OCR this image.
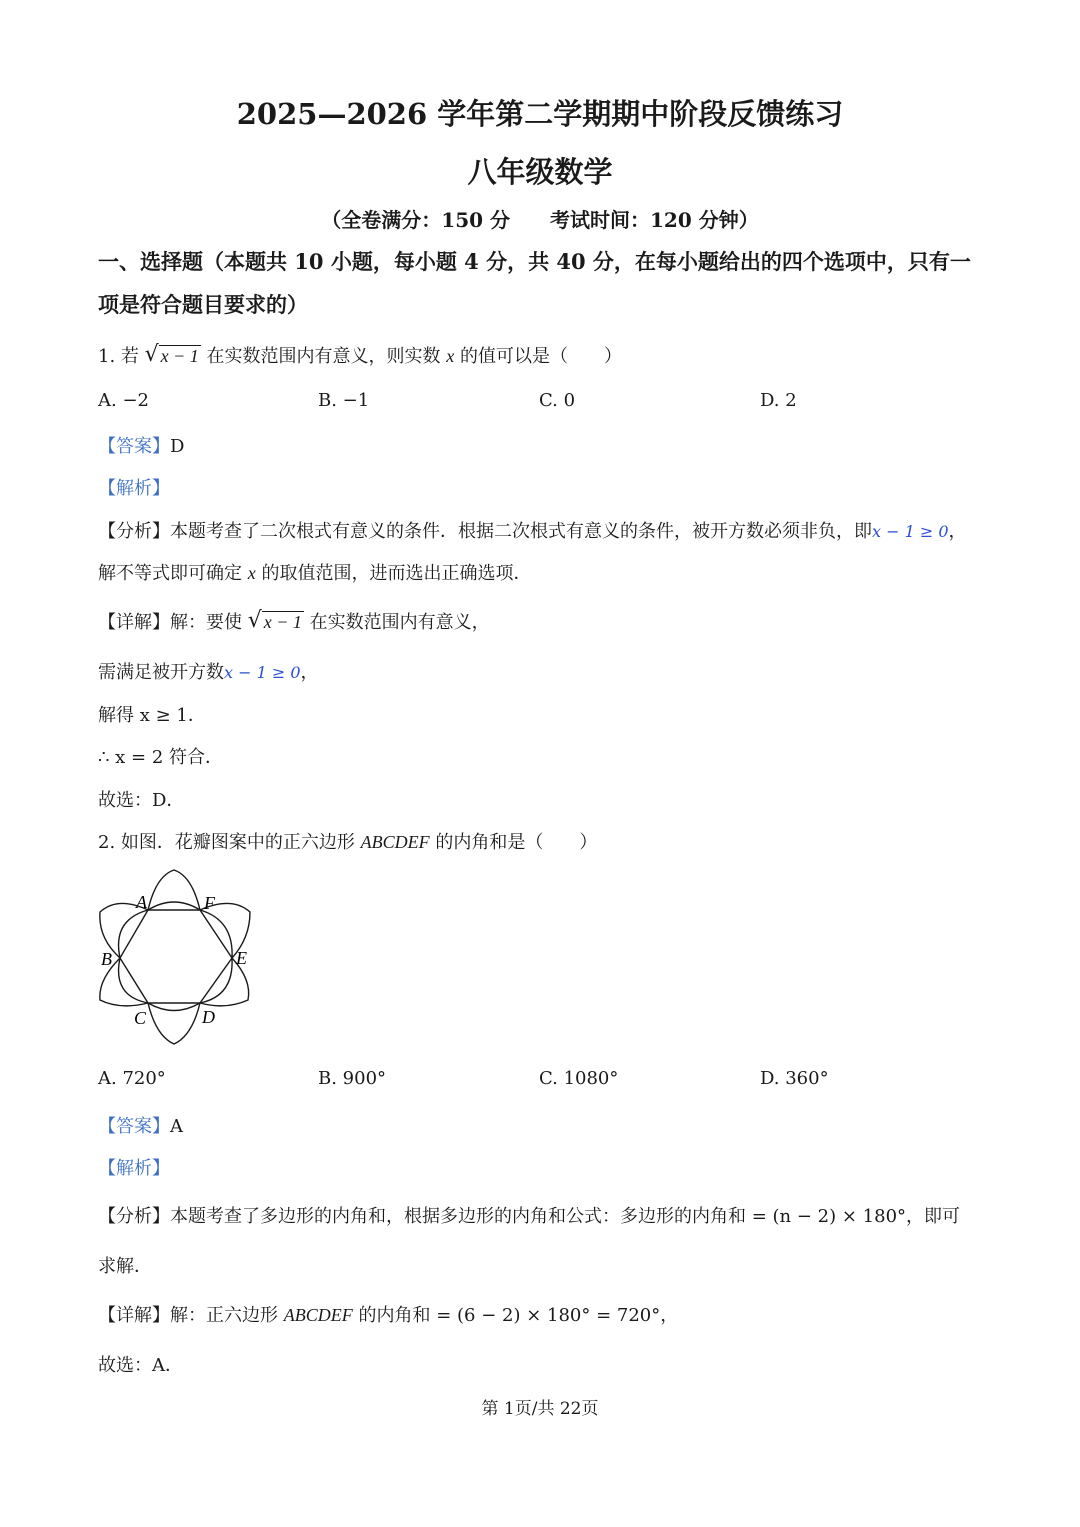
2025—2026 学年第二学期期中阶段反馈练习
八年级数学
（全卷满分：150 分　　考试时间：120 分钟）
一、选择题（本题共 10 小题，每小题 4 分，共 40 分，在每小题给出的四个选项中，只有一
项是符合题目要求的）
1. 若 √ x − 1 在实数范围内有意义，则实数 x 的值可以是（　　）
A. −2	B. −1	C. 0	D. 2
【答案】D
【解析】
【分析】本题考查了二次根式有意义的条件．根据二次根式有意义的条件，被开方数必须非负，即x − 1 ≥ 0，
解不等式即可确定 x 的取值范围，进而选出正确选项．
【详解】解：要使 √ x − 1 在实数范围内有意义，
需满足被开方数x − 1 ≥ 0，
解得 x ≥ 1．
∴ x = 2 符合．
故选：D．
2. 如图．花瓣图案中的正六边形 ABCDEF 的内角和是（　　）
A	F
B	E
C	D
A. 720°	B. 900°	C. 1080°	D. 360°
【答案】A
【解析】
【分析】本题考查了多边形的内角和，根据多边形的内角和公式：多边形的内角和 = (n − 2) × 180°，即可
求解．
【详解】解：正六边形 ABCDEF 的内角和 = (6 − 2) × 180° = 720°，
故选：A．
第 1页/共 22页
